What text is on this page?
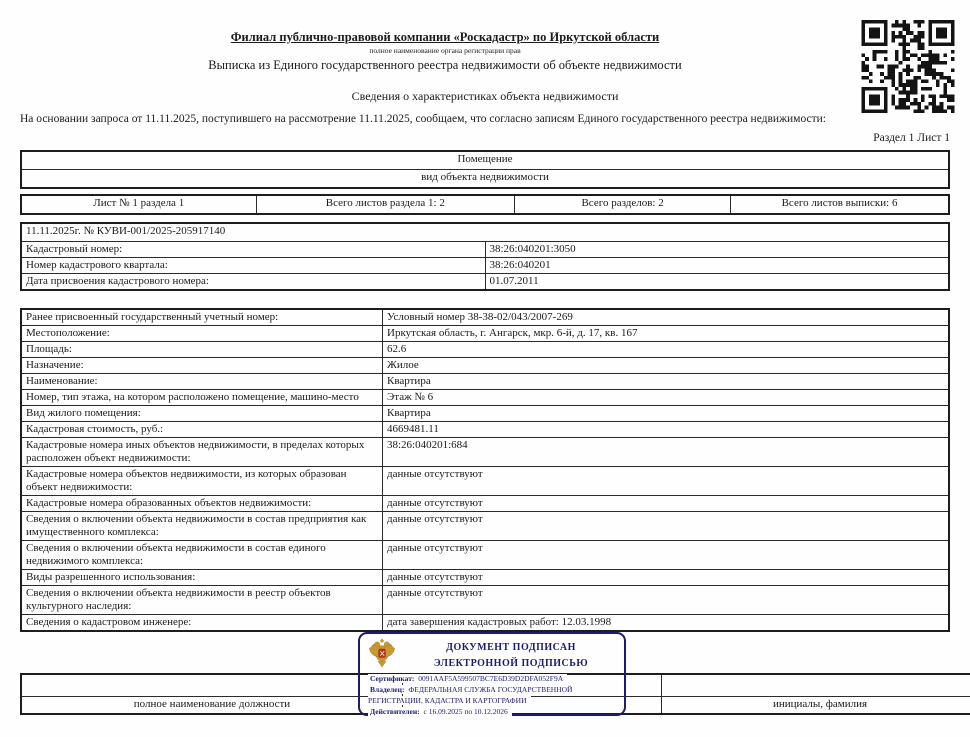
Филиал публично-правовой компании «Роскадастр» по Иркутской области
полное наименование органа регистрации прав
Выписка из Единого государственного реестра недвижимости об объекте недвижимости
Сведения о характеристиках объекта недвижимости
На основании запроса от 11.11.2025, поступившего на рассмотрение 11.11.2025, сообщаем, что согласно записям Единого государственного реестра недвижимости:
Раздел 1 Лист 1
Помещение
вид объекта недвижимости
Лист № 1 раздела 1	Всего листов раздела 1: 2	Всего разделов: 2	Всего листов выписки: 6
11.11.2025г. № КУВИ-001/2025-205917140	
Кадастровый номер:	38:26:040201:3050
Номер кадастрового квартала:	38:26:040201
Дата присвоения кадастрового номера:	01.07.2011
Ранее присвоенный государственный учетный номер:	Условный номер 38-38-02/043/2007-269
Местоположение:	Иркутская область, г. Ангарск, мкр. 6-й, д. 17, кв. 167
Площадь:	62.6
Назначение:	Жилое
Наименование:	Квартира
Номер, тип этажа, на котором расположено помещение, машино-место	Этаж № 6
Вид жилого помещения:	Квартира
Кадастровая стоимость, руб.:	4669481.11
Кадастровые номера иных объектов недвижимости, в пределах которых расположен объект недвижимости:	38:26:040201:684
Кадастровые номера объектов недвижимости, из которых образован объект недвижимости:	данные отсутствуют
Кадастровые номера образованных объектов недвижимости:	данные отсутствуют
Сведения о включении объекта недвижимости в состав предприятия как имущественного комплекса:	данные отсутствуют
Сведения о включении объекта недвижимости в состав единого недвижимого комплекса:	данные отсутствуют
Виды разрешенного использования:	данные отсутствуют
Сведения о включении объекта недвижимости в реестр объектов культурного наследия:	данные отсутствуют
Сведения о кадастровом инженере:	дата завершения кадастровых работ: 12.03.1998

полное наименование должности		инициалы, фамилия
ДОКУМЕНТ ПОДПИСАН
ЭЛЕКТРОННОЙ ПОДПИСЬЮ
Сертификат: 0091AAF5A599507BC7E6D39D2DFA052F9A
Владелец: ФЕДЕРАЛЬНАЯ СЛУЖБА ГОСУДАРСТВЕННОЙ РЕГИСТРАЦИИ, КАДАСТРА И КАРТОГРАФИИ
Действителен: с 16.09.2025 по 10.12.2026
